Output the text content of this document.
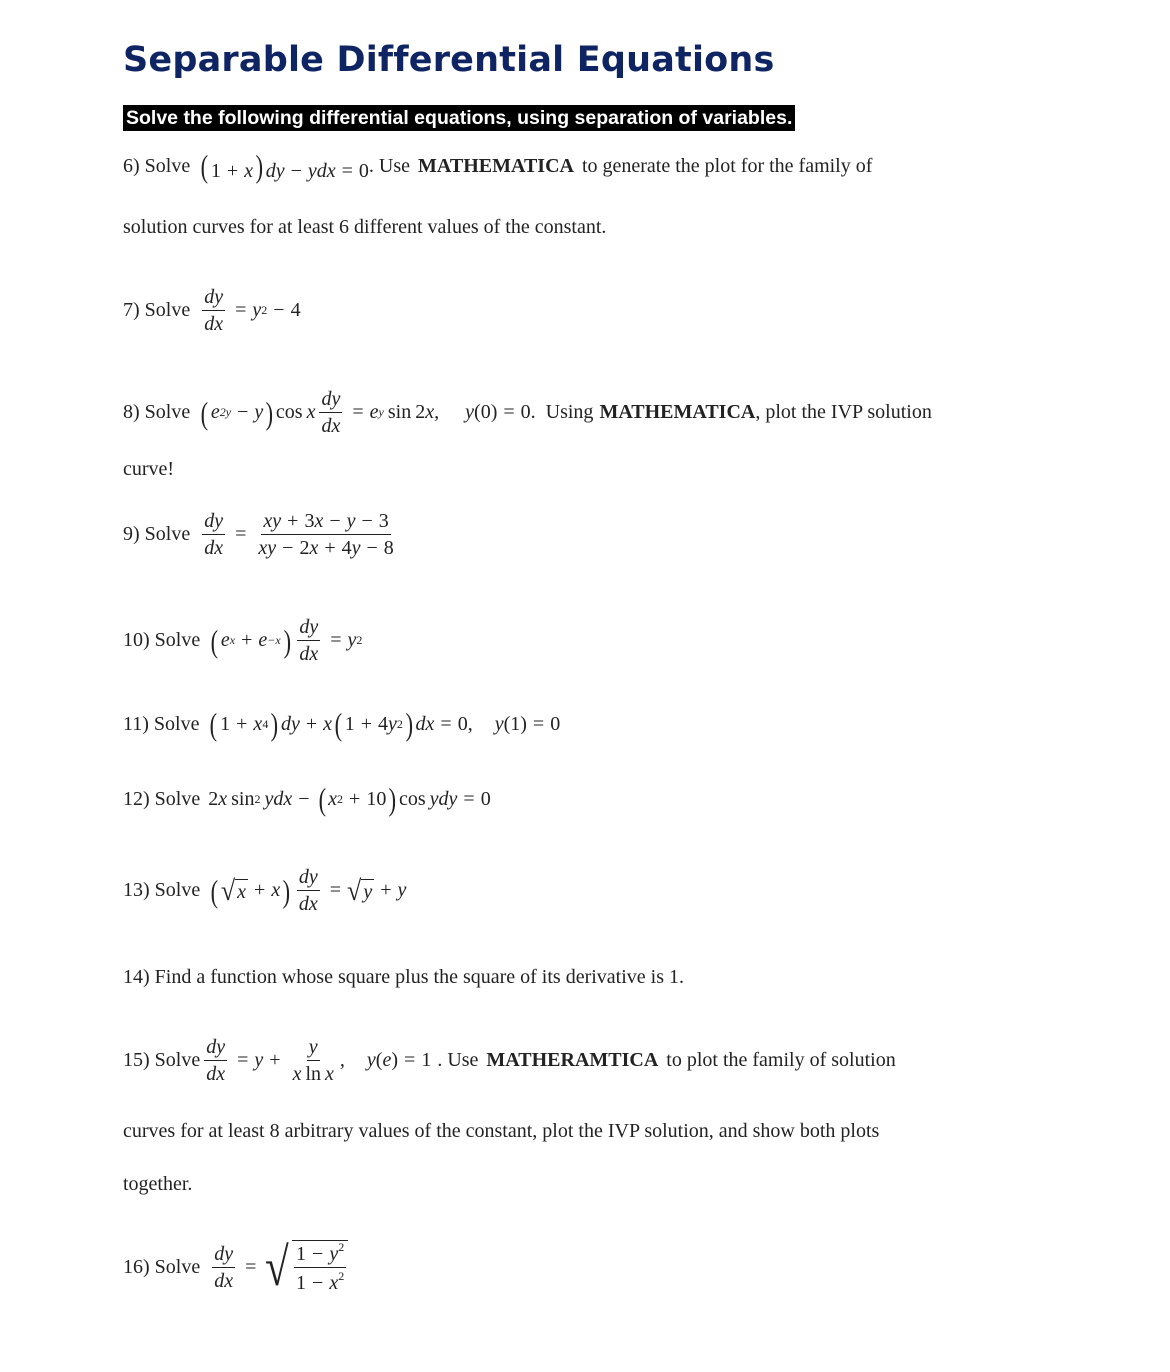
Separable Differential Equations
Solve the following differential equations, using separation of variables.
6) Solve ( 1 + x) dy − ydx = 0 . Use MATHEMATICA to generate the plot for the family of
solution curves for at least 6 different values of the constant.
7) Solve $\frac{dy}{dx} = y$ 2 − 4
8) Solve ( e 2y − y ) cos  x $\frac{dy}{dx} = e$ y
  sin
  2 x,
y (0) = 0. Using MATHEMATICA , plot the IVP solution
curve!
9) Solve $\frac{dy}{dx} = \frac{xy + 3x - y - 3}{xy - 2x + 4y - 8}$
10) Solve ( e x + e −x ) $\frac{dy}{dx} = y$ 2
11) Solve ( 1 + x 4 ) dy + x ( 1 + 4 y 2 ) dx = 0, y (1) = 0
12) Solve 2 x  sin 2  ydx − ( x 2 + 10 ) cos  ydy = 0
13) Solve ( √ x + x ) $\frac{dy}{dx}$ = √ y + y
14) Find a function whose square plus the square of its derivative is 1.
15) Solve $\frac{dy}{dx} = y + \frac{y}{\text{x ln x}}$ ,
y ( e ) = 1 . Use MATHERAMTICA to plot the family of solution
curves for at least 8 arbitrary values of the constant, plot the IVP solution, and show both plots
together.
16) Solve $\frac{dy}{dx}$ = √ $\frac{1 - y^2}{1 - x^2}$
